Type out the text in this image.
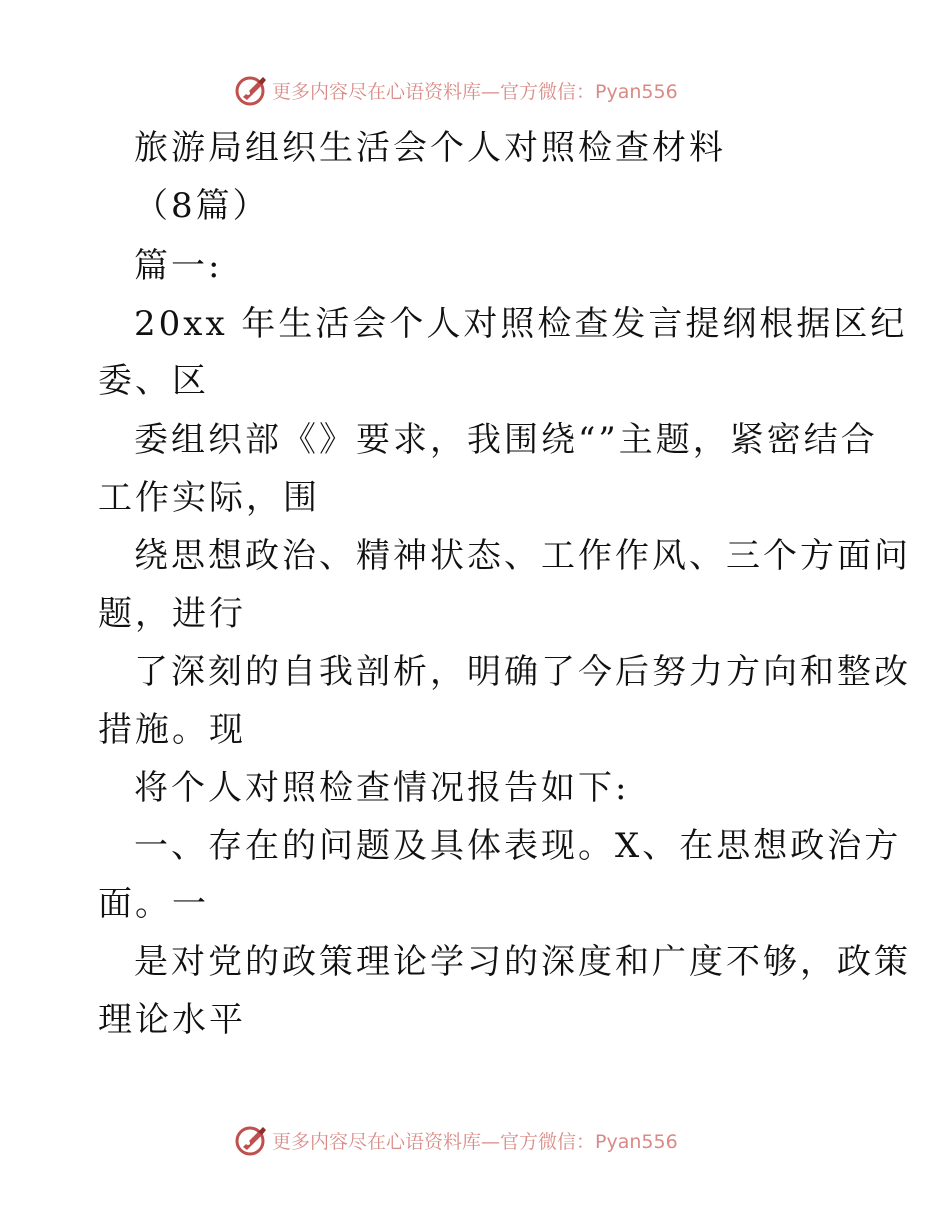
更多内容尽在心语资料库—官方微信：Pyan556
旅游局组织生活会个人对照检查材料
（8篇）
篇一:
20xx 年生活会个人对照检查发言提纲根据区纪
委、区
委组织部《》要求，我围绕“”主题，紧密结合
工作实际，围
绕思想政治、精神状态、工作作风、三个方面问
题，进行
了深刻的自我剖析，明确了今后努力方向和整改
措施。现
将个人对照检查情况报告如下:
一、存在的问题及具体表现。X、在思想政治方
面。一
是对党的政策理论学习的深度和广度不够，政策
理论水平
更多内容尽在心语资料库—官方微信：Pyan556
